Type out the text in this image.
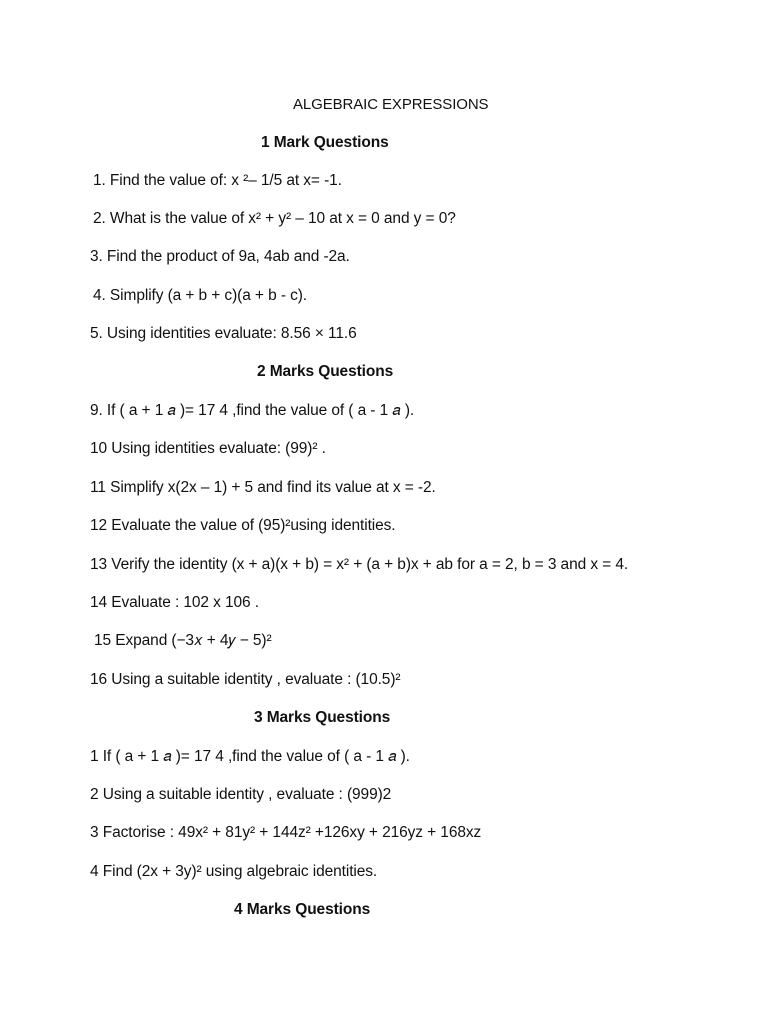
ALGEBRAIC EXPRESSIONS
1 Mark Questions
1. Find the value of: x ²– 1/5 at x= -1.
2. What is the value of x² + y² – 10 at x = 0 and y = 0?
3. Find the product of 9a, 4ab and -2a.
4. Simplify (a + b + c)(a + b - c).
5. Using identities evaluate: 8.56 × 11.6
2 Marks Questions
9. If ( a + 1 𝑎 )= 17 4 ,find the value of ( a - 1 𝑎 ).
10 Using identities evaluate: (99)² .
11 Simplify x(2x – 1) + 5 and find its value at x = -2.
12 Evaluate the value of (95)²using identities.
13 Verify the identity (x + a)(x + b) = x² + (a + b)x + ab for a = 2, b = 3 and x = 4.
14 Evaluate : 102 x 106 .
15 Expand (−3𝑥 + 4𝑦 − 5)²
16 Using a suitable identity , evaluate : (10.5)²
3 Marks Questions
1 If ( a + 1 𝑎 )= 17 4 ,find the value of ( a - 1 𝑎 ).
2 Using a suitable identity , evaluate : (999)2
3 Factorise : 49x² + 81y² + 144z² +126xy + 216yz + 168xz
4 Find (2x + 3y)² using algebraic identities.
4 Marks Questions
